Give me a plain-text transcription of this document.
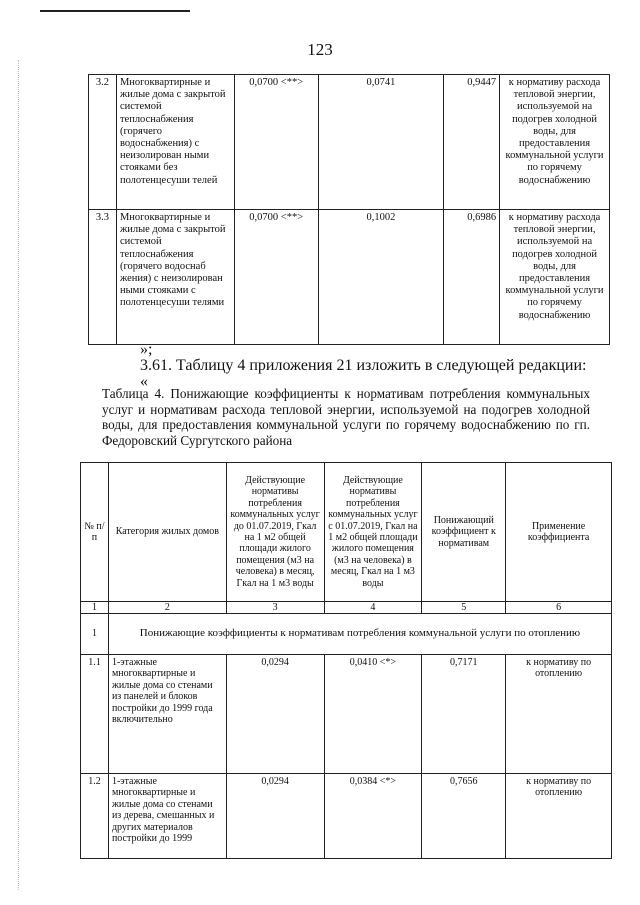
123
3.2	Многоквартирные и жилые дома с закрытой системой теплоснабжения (горячего водоснабжения) с неизолирован ными стояками без полотенцесуши телей	0,0700 <**>	0,0741	0,9447	к нормативу расхода тепловой энергии, используемой на подогрев холодной воды, для предоставления коммунальной услуги по горячему водоснабжению
3.3	Многоквартирные и жилые дома с закрытой системой теплоснабжения (горячего водоснаб жения) с неизолирован ными стояками с полотенцесуши телями	0,0700 <**>	0,1002	0,6986	к нормативу расхода тепловой энергии, используемой на подогрев холодной воды, для предоставления коммунальной услуги по горячему водоснабжению
»;
3.61. Таблицу 4 приложения 21 изложить в следующей редакции:
«
Таблица 4. Понижающие коэффициенты к нормативам потребления коммунальных услуг и нормативам расхода тепловой энергии, используемой на подогрев холодной воды, для предоставления коммунальной услуги по горячему водоснабжению по гп. Федоровский Сургутского района
№ п/п	Категория жилых домов	Действующие нормативы потребления коммунальных услуг до 01.07.2019, Гкал на 1 м2 общей площади жилого помещения (м3 на человека) в месяц, Гкал на 1 м3 воды	Действующие нормативы потребления коммунальных услуг с 01.07.2019, Гкал на 1 м2 общей площади жилого помещения (м3 на человека) в месяц, Гкал на 1 м3 воды	Понижающий коэффициент к нормативам	Применение коэффициента
1	2	3	4	5	6
1	Понижающие коэффициенты к нормативам потребления коммунальной услуги по отоплению				
1.1	1-этажные многоквартирные и жилые дома со стенами из панелей и блоков постройки до 1999 года включительно	0,0294	0,0410 <*>	0,7171	к нормативу по отоплению
1.2	1-этажные многоквартирные и жилые дома со стенами из дерева, смешанных и других материалов постройки до 1999	0,0294	0,0384 <*>	0,7656	к нормативу по отоплению
